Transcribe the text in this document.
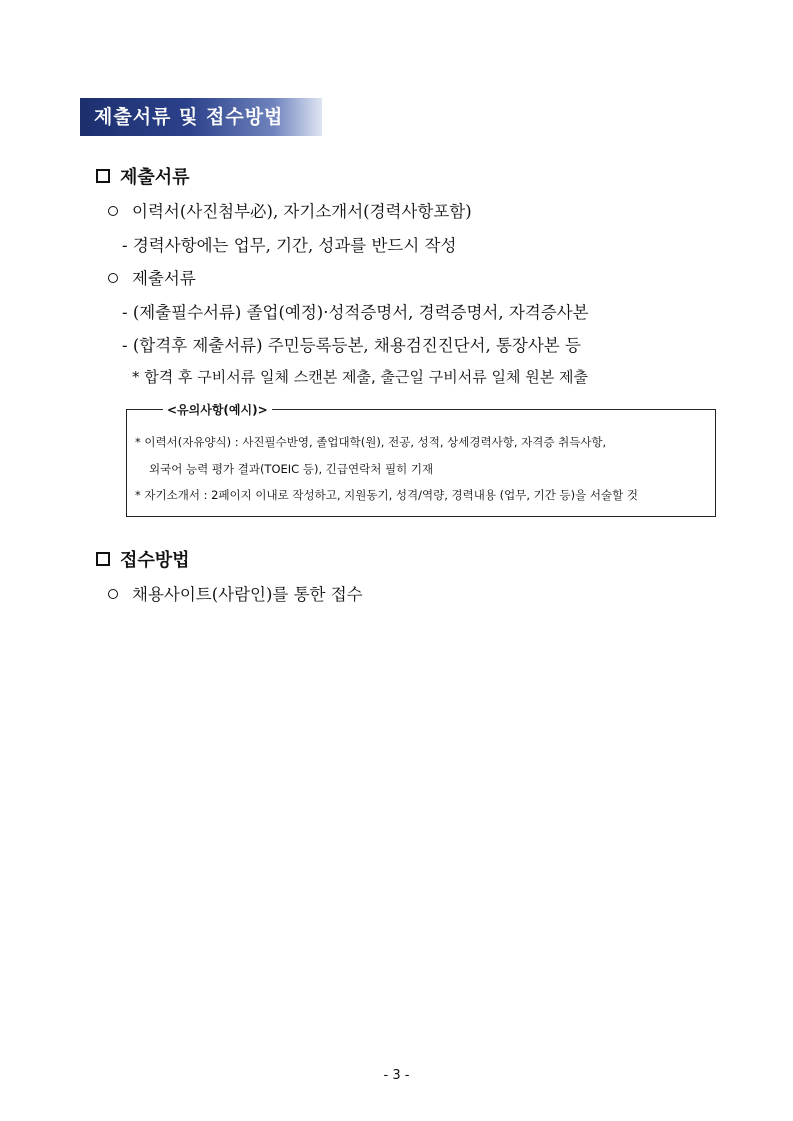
제출서류 및 접수방법
제출서류
이력서(사진첨부必), 자기소개서(경력사항포함)
- 경력사항에는 업무, 기간, 성과를 반드시 작성
제출서류
- (제출필수서류) 졸업(예정)·성적증명서, 경력증명서, 자격증사본
- (합격후 제출서류) 주민등록등본, 채용검진진단서, 통장사본 등
* 합격 후 구비서류 일체 스캔본 제출, 출근일 구비서류 일체 원본 제출
<유의사항(예시)>
* 이력서(자유양식) : 사진필수반영, 졸업대학(원), 전공, 성적, 상세경력사항, 자격증 취득사항,
외국어 능력 평가 결과(TOEIC 등), 긴급연락처 필히 기재
* 자기소개서 : 2페이지 이내로 작성하고, 지원동기, 성격/역량, 경력내용 (업무, 기간 등)을 서술할 것
접수방법
채용사이트(사람인)를 통한 접수
- 3 -
